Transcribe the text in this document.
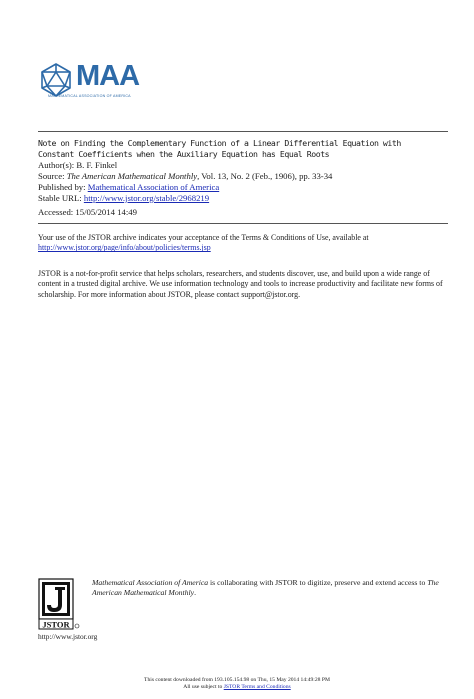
MAA
MATHEMATICAL ASSOCIATION OF AMERICA
Note on Finding the Complementary Function of a Linear Differential Equation with
Constant Coefficients when the Auxiliary Equation has Equal Roots
Author(s): B. F. Finkel
Source: The American Mathematical Monthly, Vol. 13, No. 2 (Feb., 1906), pp. 33-34
Published by: Mathematical Association of America
Stable URL: http://www.jstor.org/stable/2968219
Accessed: 15/05/2014 14:49
Your use of the JSTOR archive indicates your acceptance of the Terms & Conditions of Use, available at
http://www.jstor.org/page/info/about/policies/terms.jsp
JSTOR is a not-for-profit service that helps scholars, researchers, and students discover, use, and build upon a wide range of content in a trusted digital archive. We use information technology and tools to increase productivity and facilitate new forms of scholarship. For more information about JSTOR, please contact support@jstor.org.
JSTOR
http://www.jstor.org
Mathematical Association of America is collaborating with JSTOR to digitize, preserve and extend access to The American Mathematical Monthly.
This content downloaded from 193.105.154.98 on Thu, 15 May 2014 14:49:28 PM
All use subject to JSTOR Terms and Conditions
